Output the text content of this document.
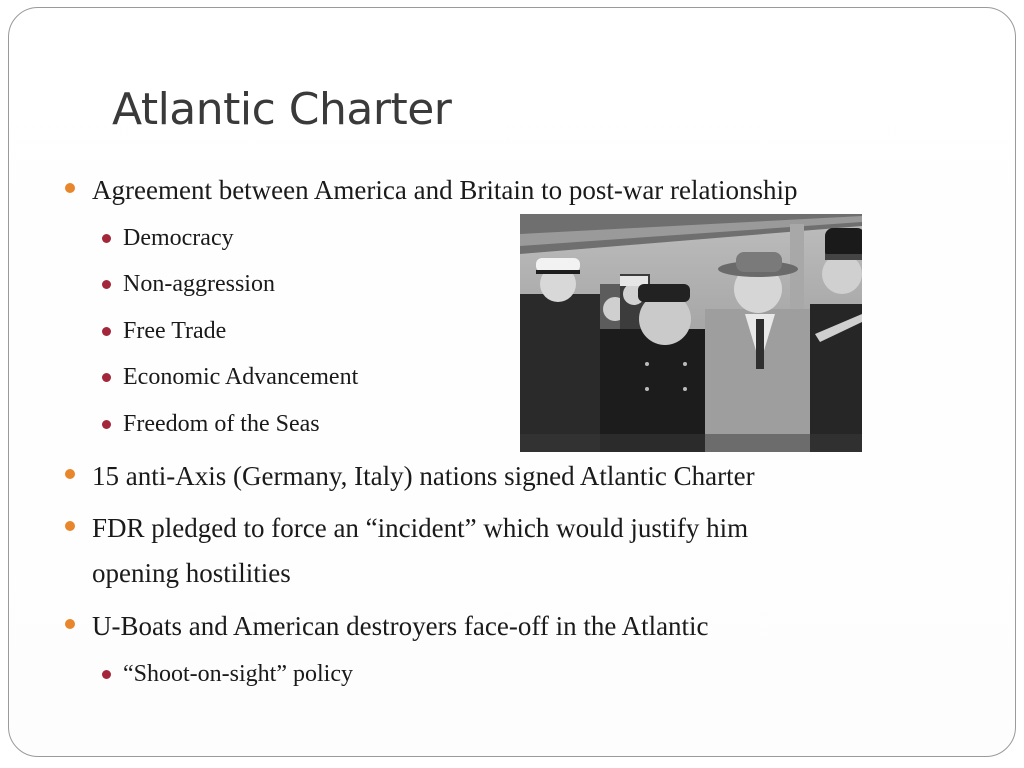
Atlantic Charter
Agreement between America and Britain to post-war relationship
Democracy
Non-aggression
Free Trade
Economic Advancement
Freedom of the Seas
15 anti-Axis (Germany, Italy) nations signed Atlantic Charter
FDR pledged to force an “incident” which would justify him
opening hostilities
U-Boats and American destroyers face-off in the Atlantic
“Shoot-on-sight” policy
